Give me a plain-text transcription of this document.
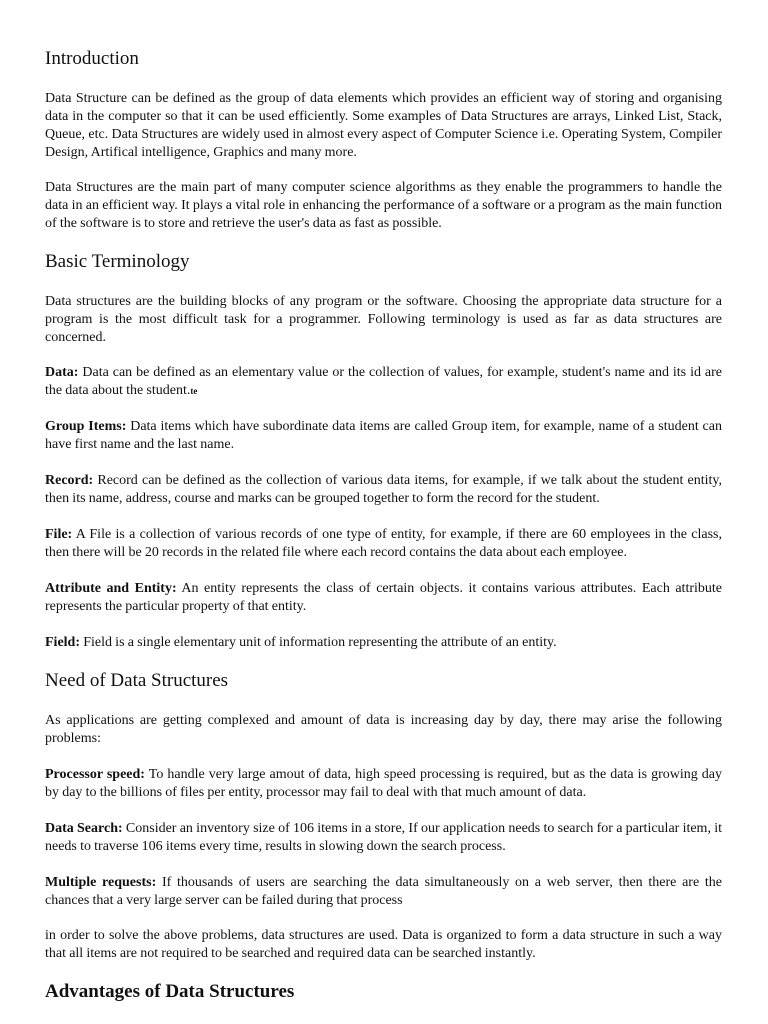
Introduction

Data Structure can be defined as the group of data elements which provides an efficient way of storing and organising data in the computer so that it can be used efficiently. Some examples of Data Structures are arrays, Linked List, Stack, Queue, etc. Data Structures are widely used in almost every aspect of Computer Science i.e. Operating System, Compiler Design, Artifical intelligence, Graphics and many more.

Data Structures are the main part of many computer science algorithms as they enable the programmers to handle the data in an efficient way. It plays a vital role in enhancing the performance of a software or a program as the main function of the software is to store and retrieve the user's data as fast as possible.

Basic Terminology

Data structures are the building blocks of any program or the software. Choosing the appropriate data structure for a program is the most difficult task for a programmer. Following terminology is used as far as data structures are concerned.

Data: Data can be defined as an elementary value or the collection of values, for example, student's name and its id are the data about the student.te

Group Items: Data items which have subordinate data items are called Group item, for example, name of a student can have first name and the last name.

Record: Record can be defined as the collection of various data items, for example, if we talk about the student entity, then its name, address, course and marks can be grouped together to form the record for the student.

File: A File is a collection of various records of one type of entity, for example, if there are 60 employees in the class, then there will be 20 records in the related file where each record contains the data about each employee.

Attribute and Entity: An entity represents the class of certain objects. it contains various attributes. Each attribute represents the particular property of that entity.

Field: Field is a single elementary unit of information representing the attribute of an entity.

Need of Data Structures

As applications are getting complexed and amount of data is increasing day by day, there may arise the following problems:

Processor speed: To handle very large amout of data, high speed processing is required, but as the data is growing day by day to the billions of files per entity, processor may fail to deal with that much amount of data.

Data Search: Consider an inventory size of 106 items in a store, If our application needs to search for a particular item, it needs to traverse 106 items every time, results in slowing down the search process.

Multiple requests: If thousands of users are searching the data simultaneously on a web server, then there are the chances that a very large server can be failed during that process

in order to solve the above problems, data structures are used. Data is organized to form a data structure in such a way that all items are not required to be searched and required data can be searched instantly.

Advantages of Data Structures
